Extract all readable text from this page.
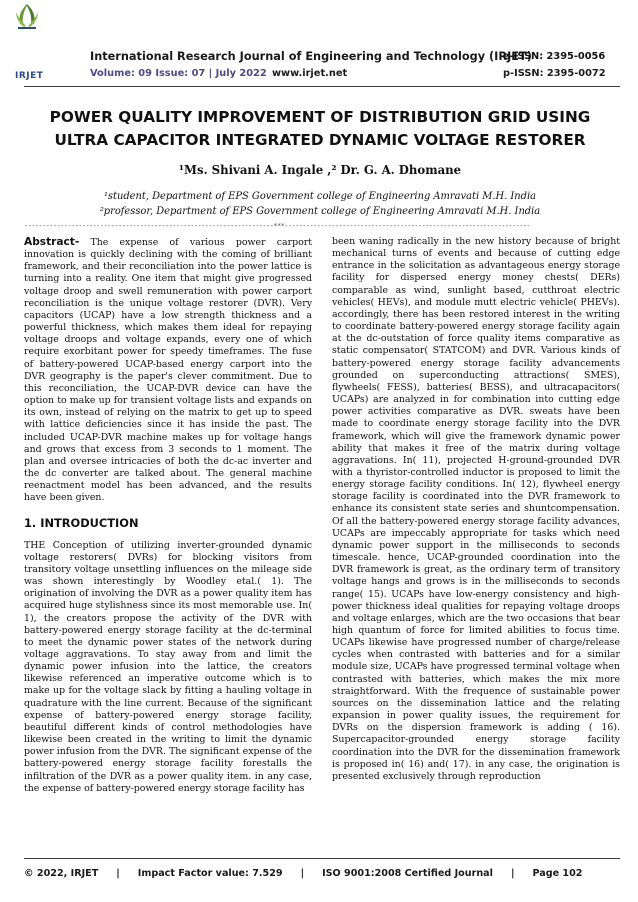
IRJET
International Research Journal of Engineering and Technology (IRJET)
e-ISSN: 2395-0056
Volume: 09 Issue: 07 | July 2022 www.irjet.net	p-ISSN: 2395-0072
POWER QUALITY IMPROVEMENT OF DISTRIBUTION GRID USING ULTRA CAPACITOR INTEGRATED DYNAMIC VOLTAGE RESTORER
¹Ms. Shivani A. Ingale ,² Dr. G. A. Dhomane
¹student, Department of EPS Government college of Engineering Amravati M.H. India
²professor, Department of EPS Government college of Engineering Amravati M.H. India
---------------------------------------------------------------------***--------------------------------------------------------------------

Abstract- The expense of various power carport innovation is quickly declining with the coming of brilliant framework, and their reconciliation into the power lattice is turning into a reality. One item that might give progressed voltage droop and swell remuneration with power carport reconciliation is the unique voltage restorer (DVR). Very capacitors (UCAP) have a low strength thickness and a powerful thickness, which makes them ideal for repaying voltage droops and voltage expands, every one of which require exorbitant power for speedy timeframes. The fuse of battery-powered UCAP-based energy carport into the DVR geography is the paper's clever commitment. Due to this reconciliation, the UCAP-DVR device can have the option to make up for transient voltage lists and expands on its own, instead of relying on the matrix to get up to speed with lattice deficiencies since it has inside the past. The included UCAP-DVR machine makes up for voltage hangs and grows that excess from 3 seconds to 1 moment. The plan and oversee intricacies of both the dc-ac inverter and the dc converter are talked about. The general machine reenactment model has been advanced, and the results have been given.

1. INTRODUCTION

THE Conception of utilizing inverter-grounded dynamic voltage restorers( DVRs) for blocking visitors from transitory voltage unsettling influences on the mileage side was shown interestingly by Woodley etal.( 1). The origination of involving the DVR as a power quality item has acquired huge stylishness since its most memorable use. In( 1), the creators propose the activity of the DVR with battery-powered energy storage facility at the dc-terminal to meet the dynamic power states of the network during voltage aggravations. To stay away from and limit the dynamic power infusion into the lattice, the creators likewise referenced an imperative outcome which is to make up for the voltage slack by fitting a hauling voltage in quadrature with the line current. Because of the significant expense of battery-powered energy storage facility, beautiful different kinds of control methodologies have likewise been created in the writing to limit the dynamic power infusion from the DVR. The significant expense of the battery-powered energy storage facility forestalls the infiltration of the DVR as a power quality item. in any case, the expense of battery-powered energy storage facility has

been waning radically in the new history because of bright mechanical turns of events and because of cutting edge entrance in the solicitation as advantageous energy storage facility for dispersed energy money chests( DERs) comparable as wind, sunlight based, cutthroat electric vehicles( HEVs), and module mutt electric vehicle( PHEVs). accordingly, there has been restored interest in the writing to coordinate battery-powered energy storage facility again at the dc-outstation of force quality items comparative as static compensator( STATCOM) and DVR. Various kinds of battery-powered energy storage facility advancements grounded on superconducting attractions( SMES), flywheels( FESS), batteries( BESS), and ultracapacitors( UCAPs) are analyzed in for combination into cutting edge power activities comparative as DVR. sweats have been made to coordinate energy storage facility into the DVR framework, which will give the framework dynamic power ability that makes it free of the matrix during voltage aggravations. In( 11), projected H-ground-grounded DVR with a thyristor-controlled inductor is proposed to limit the energy storage facility conditions. In( 12), flywheel energy storage facility is coordinated into the DVR framework to enhance its consistent state series and shuntcompensation. Of all the battery-powered energy storage facility advances, UCAPs are impeccably appropriate for tasks which need dynamic power support in the milliseconds to seconds timescale. hence, UCAP-grounded coordination into the DVR framework is great, as the ordinary term of transitory voltage hangs and grows is in the milliseconds to seconds range( 15). UCAPs have low-energy consistency and high-power thickness ideal qualities for repaying voltage droops and voltage enlarges, which are the two occasions that bear high quantum of force for limited abilities to focus time. UCAPs likewise have progressed number of charge/release cycles when contrasted with batteries and for a similar module size, UCAPs have progressed terminal voltage when contrasted with batteries, which makes the mix more straightforward. With the frequence of sustainable power sources on the dissemination lattice and the relating expansion in power quality issues, the requirement for DVRs on the dispersion framework is adding ( 16). Supercapacitor-grounded energy storage facility coordination into the DVR for the dissemination framework is proposed in( 16) and( 17). in any case, the origination is presented exclusively through reproduction

© 2022, IRJET | Impact Factor value: 7.529 | ISO 9001:2008 Certified Journal | Page 102
